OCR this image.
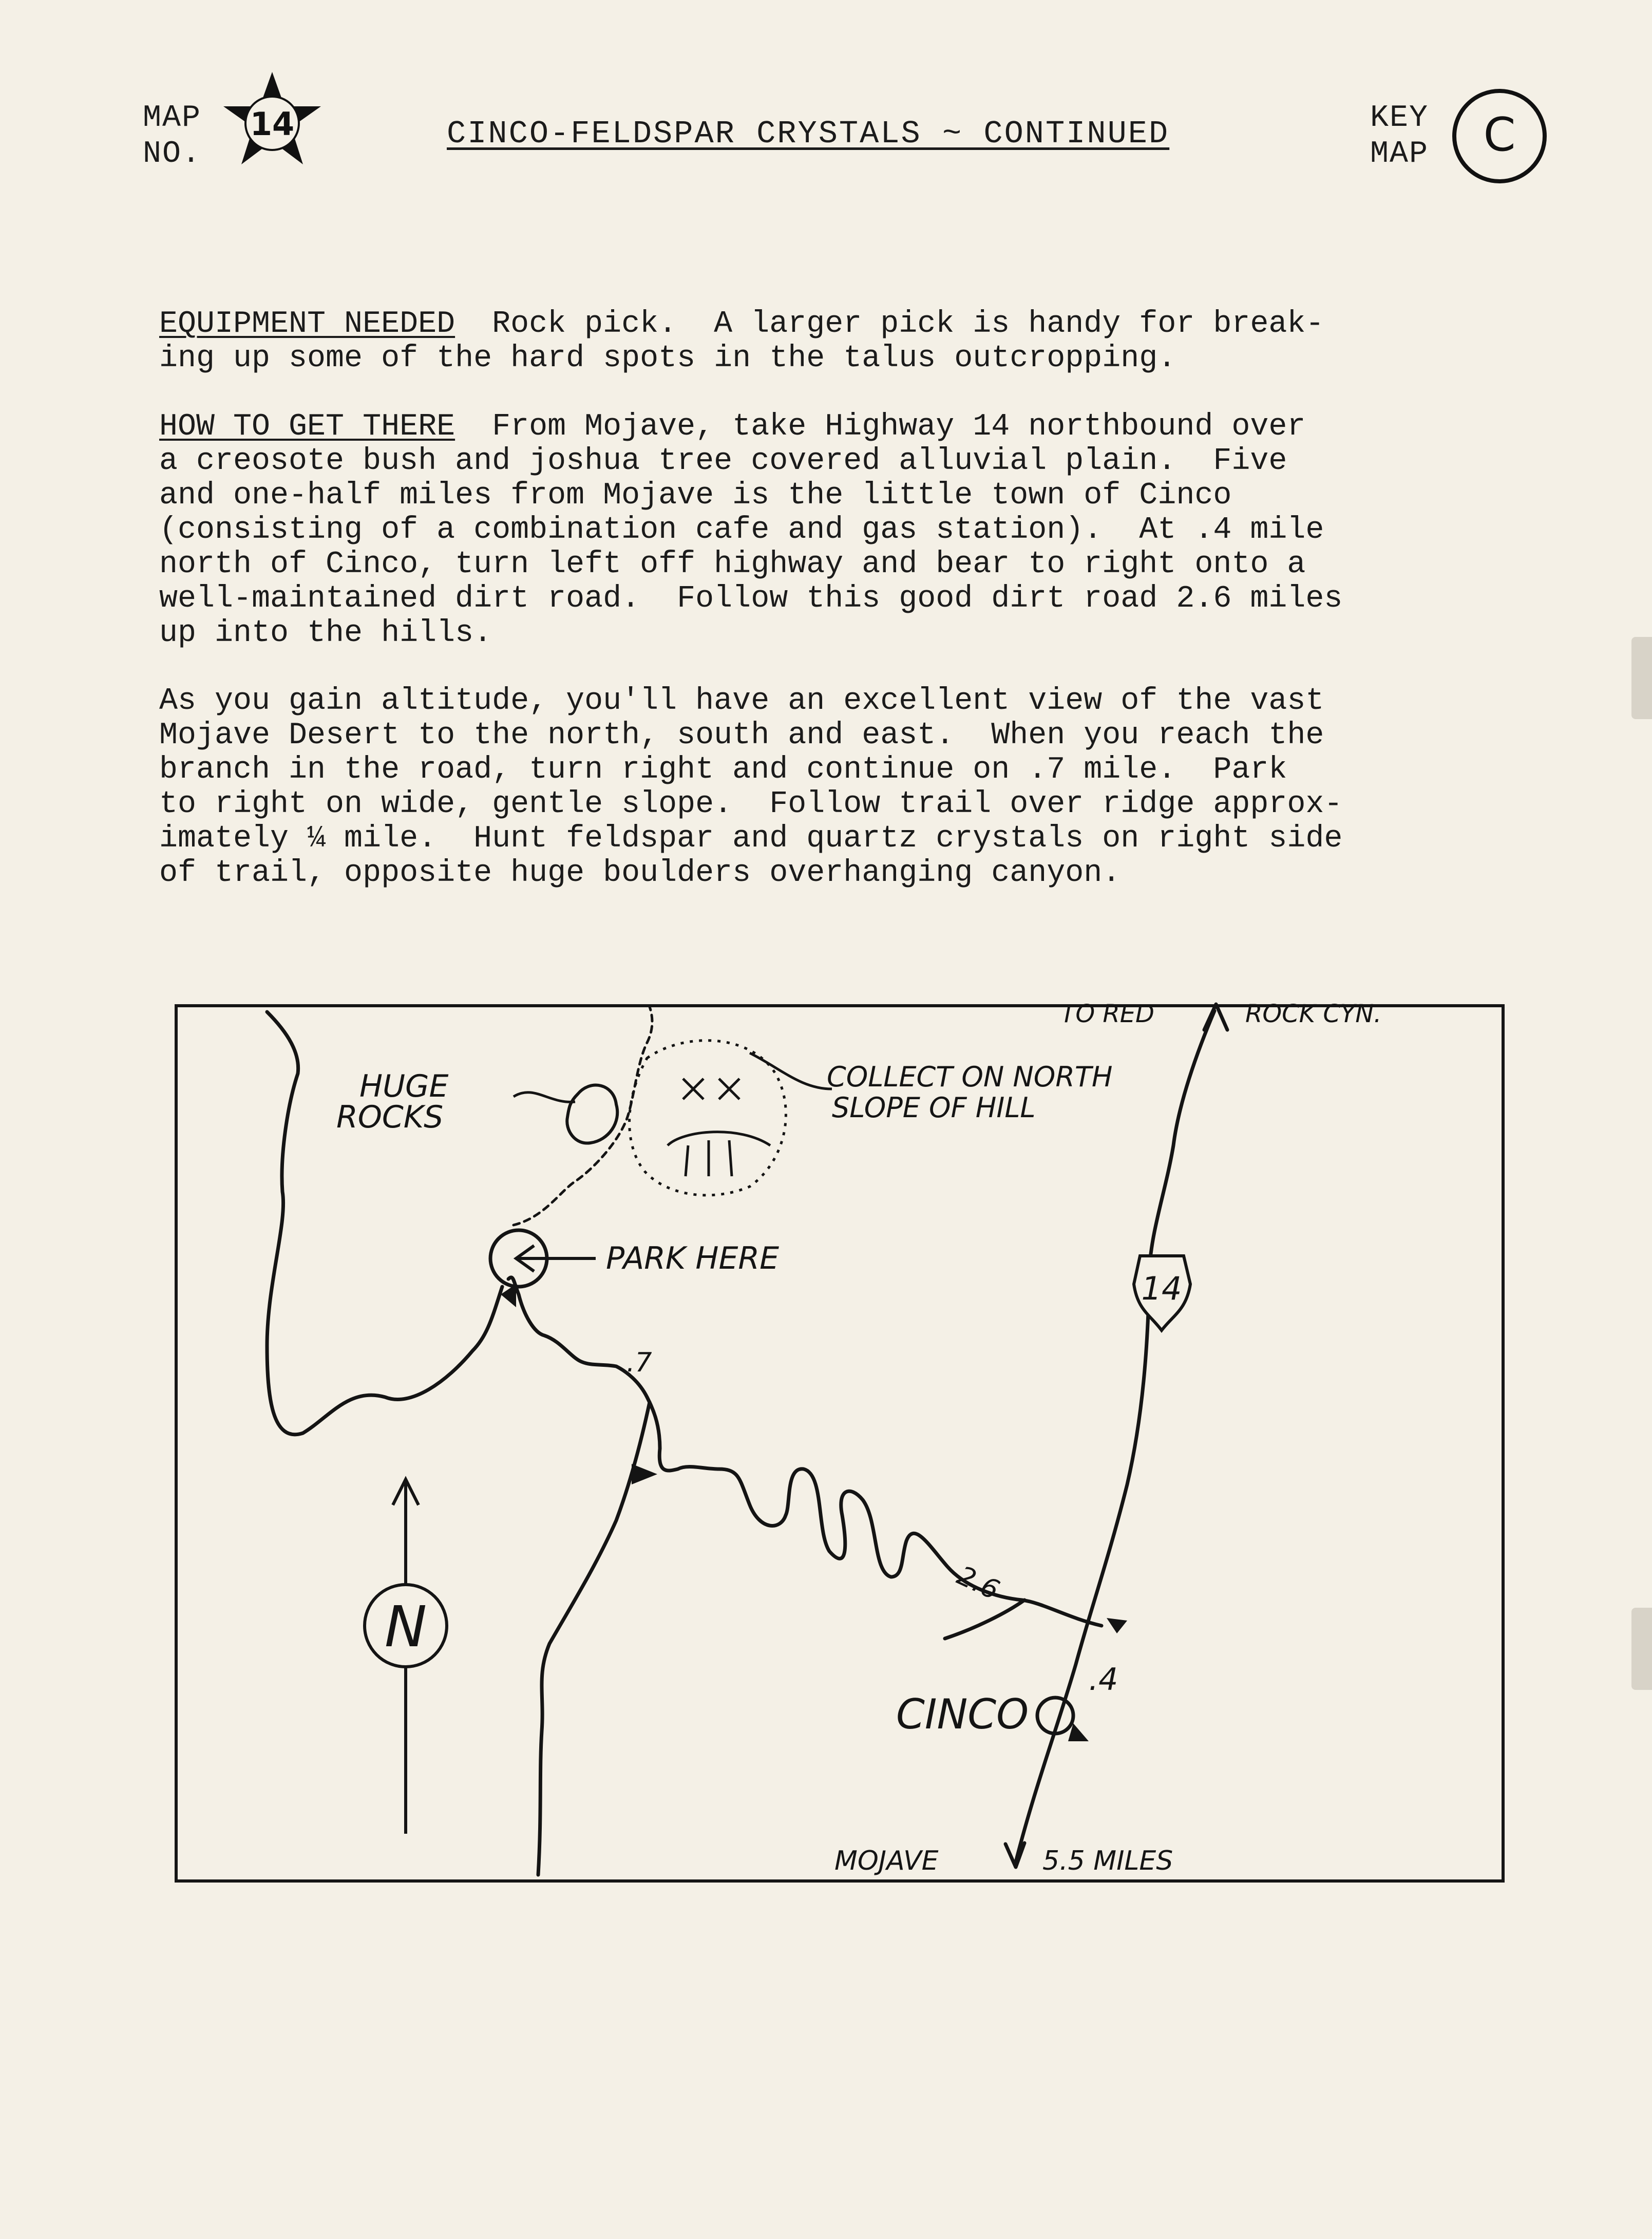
MAP
NO.
14	CINCO-FELDSPAR CRYSTALS ~ CONTINUED	KEY
MAP C
EQUIPMENT NEEDED  Rock pick.  A larger pick is handy for break-
ing up some of the hard spots in the talus outcropping.
HOW TO GET THERE  From Mojave, take Highway 14 northbound over
a creosote bush and joshua tree covered alluvial plain.  Five
and one-half miles from Mojave is the little town of Cinco
(consisting of a combination cafe and gas station).  At .4 mile
north of Cinco, turn left off highway and bear to right onto a
well-maintained dirt road.  Follow this good dirt road 2.6 miles
up into the hills.
As you gain altitude, you'll have an excellent view of the vast
Mojave Desert to the north, south and east.  When you reach the
branch in the road, turn right and continue on .7 mile.  Park
to right on wide, gentle slope.  Follow trail over ridge approx-
imately ¼ mile.  Hunt feldspar and quartz crystals on right side
of trail, opposite huge boulders overhanging canyon.
14
N
TO RED	ROCK CYN.
HUGE
ROCKS
COLLECT ON NORTH
SLOPE OF HILL
PARK HERE
.7
2.6
.4
CINCO
MOJAVE	5.5 MILES
